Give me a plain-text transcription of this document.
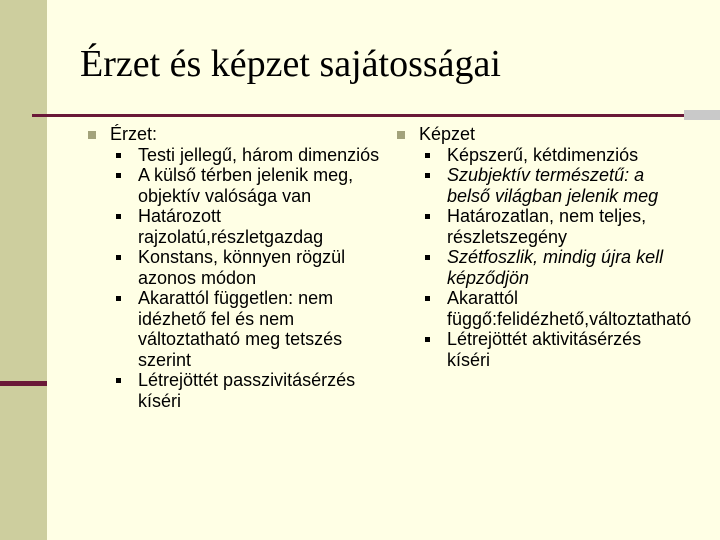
Érzet és képzet sajátosságai
Érzet:
Testi jellegű, három dimenziós
A külső térben jelenik meg, objektív valósága van
Határozott rajzolatú,részletgazdag
Konstans, könnyen rögzül azonos módon
Akarattól független: nem idézhető fel és nem változtatható meg tetszés szerint
Létrejöttét passzivitásérzés kíséri
Képzet
Képszerű, kétdimenziós
Szubjektív természetű: a belső világban jelenik meg
Határozatlan, nem teljes, részletszegény
Szétfoszlik, mindig újra kell képződjön
Akarattól függő:felidézhető,változtatható
Létrejöttét aktivitásérzés kíséri
